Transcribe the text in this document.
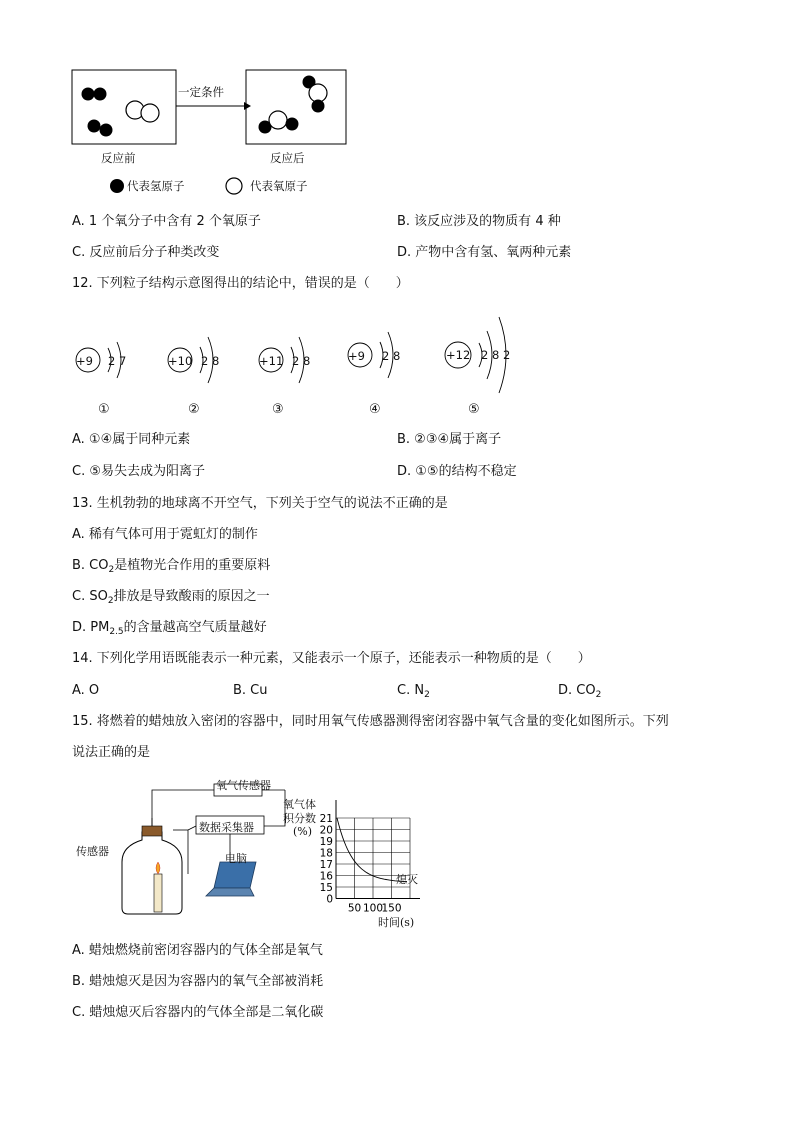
一定条件
反应前	反应后
代表氢原子	代表氧原子
A. 1 个氧分子中含有 2 个氧原子	B. 该反应涉及的物质有 4 种
C. 反应前后分子种类改变	D. 产物中含有氢、氧两种元素
12. 下列粒子结构示意图得出的结论中，错误的是（　　）
+9 2 7
①
+10 2 8
②
+11 2 8
③
+9 2 8
④
+12 2 8 2
⑤
A. ①④属于同种元素	B. ②③④属于离子
C. ⑤易失去成为阳离子	D. ①⑤的结构不稳定
13. 生机勃勃的地球离不开空气，下列关于空气的说法不正确的是
A. 稀有气体可用于霓虹灯的制作
B. $CO_2$是植物光合作用的重要原料
C. $SO_2$排放是导致酸雨的原因之一
D. $PM_{2.5}$的含量越高空气质量越好
14. 下列化学用语既能表示一种元素，又能表示一个原子，还能表示一种物质的是（　　）
A. O	B. Cu	C. $N_2$	D. $CO_2$
15. 将燃着的蜡烛放入密闭的容器中，同时用氧气传感器测得密闭容器中氧气含量的变化如图所示。下列
说法正确的是
氧气传感器
数据采集器
电脑
传感器
氧气体
积分数
(%)
21
20
19
18
17
16
15
0
50 100
150
熄灭
时间(s)
A. 蜡烛燃烧前密闭容器内的气体全部是氧气
B. 蜡烛熄灭是因为容器内的氧气全部被消耗
C. 蜡烛熄灭后容器内的气体全部是二氧化碳
